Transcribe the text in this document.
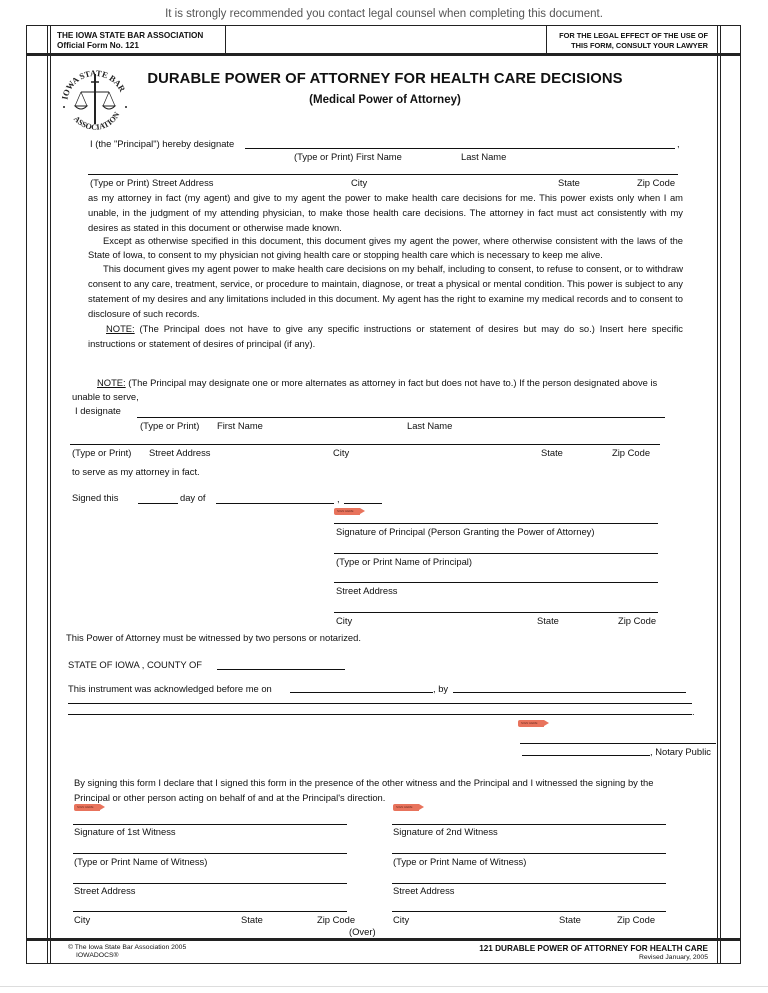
It is strongly recommended you contact legal counsel when completing this document.
THE IOWA STATE BAR ASSOCIATION
Official Form No. 121
FOR THE LEGAL EFFECT OF THE USE OF
THIS FORM, CONSULT YOUR LAWYER
IOWA STATE BAR
ASSOCIATION
DURABLE POWER OF ATTORNEY FOR HEALTH CARE DECISIONS
(Medical Power of Attorney)
I (the "Principal") hereby designate	,
(Type or Print) First Name	Last Name
(Type or Print) Street Address	City	State	Zip Code
as my attorney in fact (my agent) and give to my agent the power to make health care decisions for me. This power exists only when I am unable, in the judgment of my attending physician, to make those health care decisions. The attorney in fact must act consistently with my desires as stated in this document or otherwise made known.
Except as otherwise specified in this document, this document gives my agent the power, where otherwise consistent with the laws of the State of Iowa, to consent to my physician not giving health care or stopping health care which is necessary to keep me alive.
This document gives my agent power to make health care decisions on my behalf, including to consent, to refuse to consent, or to withdraw consent to any care, treatment, service, or procedure to maintain, diagnose, or treat a physical or mental condition. This power is subject to any statement of my desires and any limitations included in this document. My agent has the right to examine my medical records and to consent to disclosure of such records.
NOTE: (The Principal does not have to give any specific instructions or statement of desires but may do so.) Insert here specific instructions or statement of desires of principal (if any).
NOTE: (The Principal may designate one or more alternates as attorney in fact but does not have to.) If the person designated above is unable to serve,
I designate
(Type or Print) First Name	Last Name
(Type or Print) Street Address	City	State	Zip Code
to serve as my attorney in fact.
Signed this	day of	,
SIGN HERE
Signature of Principal (Person Granting the Power of Attorney)
(Type or Print Name of Principal)
Street Address
City	State	Zip Code
This Power of Attorney must be witnessed by two persons or notarized.
STATE OF IOWA , COUNTY OF
This instrument was acknowledged before me on	, by
.
SIGN HERE
, Notary Public
By signing this form I declare that I signed this form in the presence of the other witness and the Principal and I witnessed the signing by the Principal or other person acting on behalf of and at the Principal's direction.
SIGN HERE	SIGN HERE
Signature of 1st Witness
(Type or Print Name of Witness)
Street Address
City	State	Zip Code
Signature of 2nd Witness
(Type or Print Name of Witness)
Street Address
City	State	Zip Code
(Over)
© The Iowa State Bar Association 2005
IOWADOCS®
121 DURABLE POWER OF ATTORNEY FOR HEALTH CARE
Revised January, 2005
